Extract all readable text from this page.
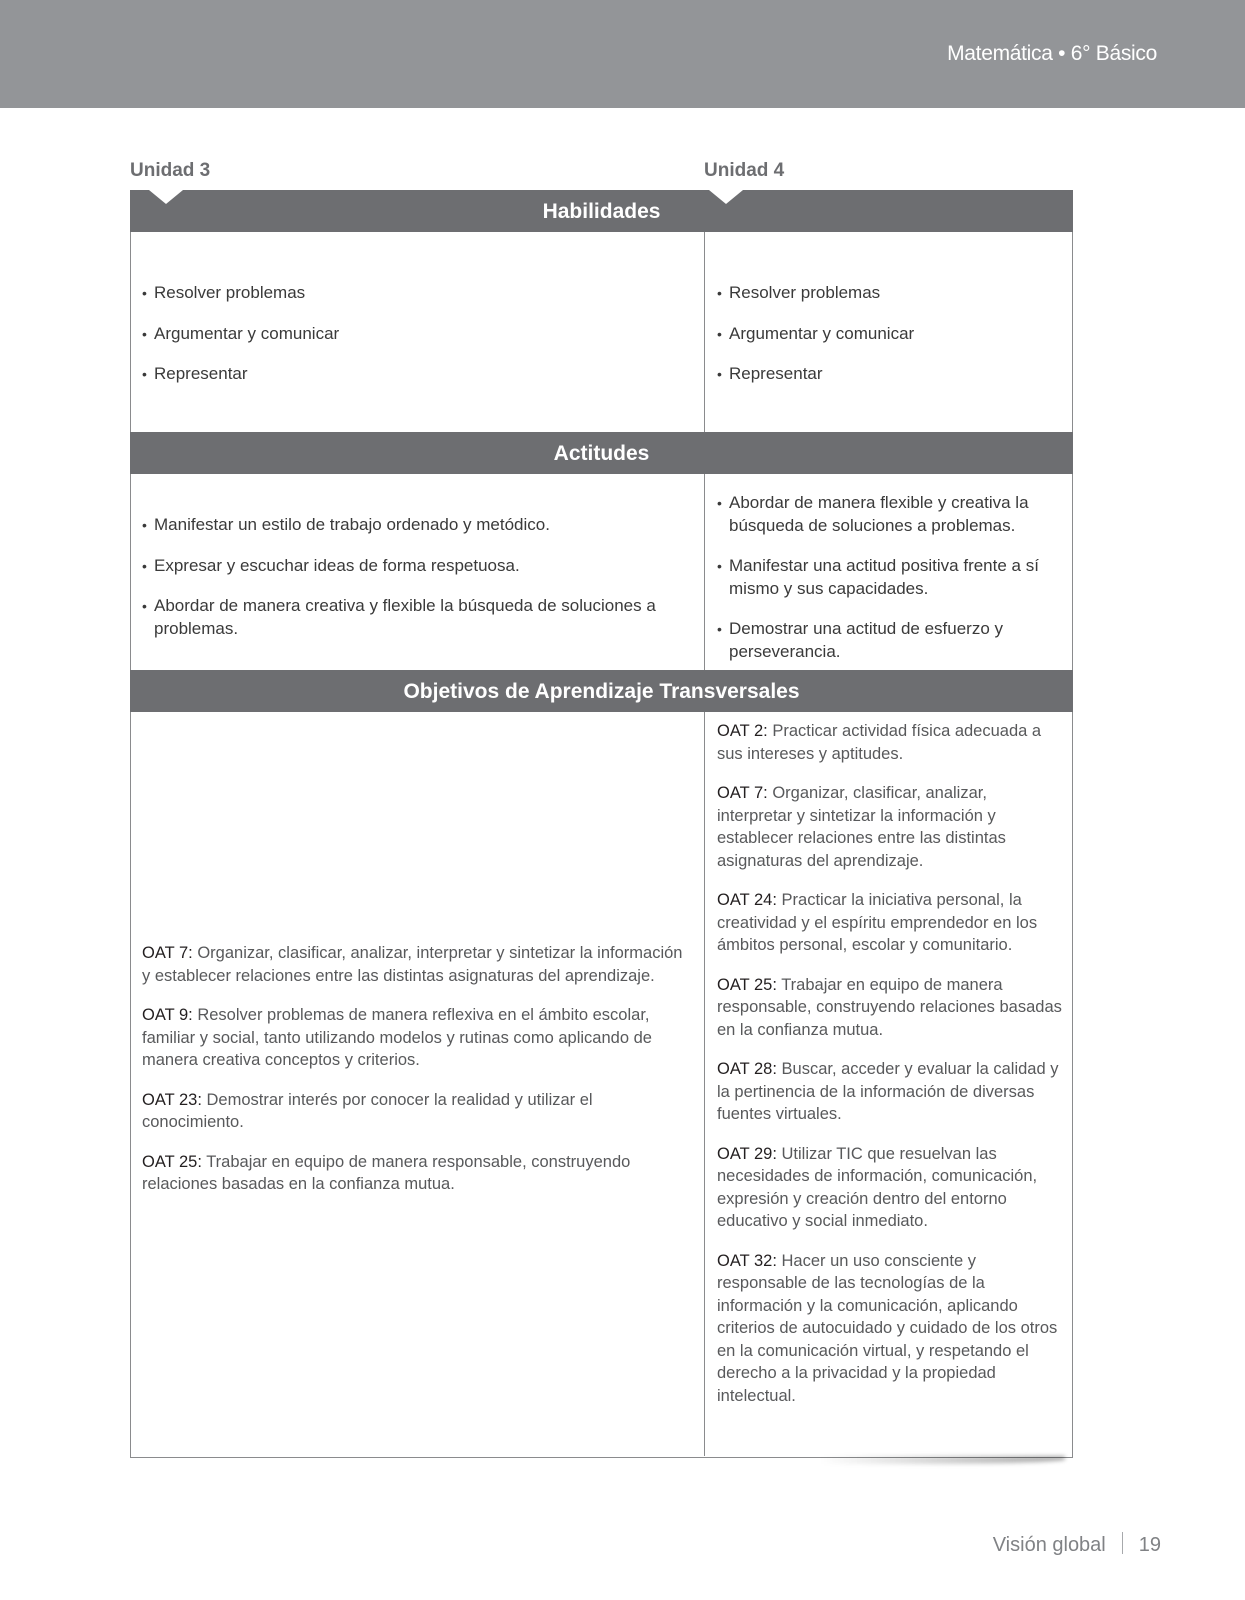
Matemática • 6° Básico
Unidad 3	Unidad 4
Habilidades
• Resolver problemas
• Argumentar y comunicar
• Representar
• Resolver problemas
• Argumentar y comunicar
• Representar
Actitudes
• Manifestar un estilo de trabajo ordenado y metódico.
• Expresar y escuchar ideas de forma respetuosa.
• Abordar de manera creativa y flexible la búsqueda de soluciones a problemas.
• Abordar de manera flexible y creativa la búsqueda de soluciones a problemas.
• Manifestar una actitud positiva frente a sí mismo y sus capacidades.
• Demostrar una actitud de esfuerzo y perseverancia.
Objetivos de Aprendizaje Transversales

OAT 7: Organizar, clasificar, analizar, interpretar y sintetizar la información y establecer relaciones entre las distintas asignaturas del aprendizaje.

OAT 9: Resolver problemas de manera reflexiva en el ámbito escolar, familiar y social, tanto utilizando modelos y rutinas como aplicando de manera creativa conceptos y criterios.

OAT 23: Demostrar interés por conocer la realidad y utilizar el conocimiento.

OAT 25: Trabajar en equipo de manera responsable, construyendo relaciones basadas en la confianza mutua.

OAT 2: Practicar actividad física adecuada a sus intereses y aptitudes.

OAT 7: Organizar, clasificar, analizar, interpretar y sintetizar la información y establecer relaciones entre las distintas asignaturas del aprendizaje.

OAT 24: Practicar la iniciativa personal, la creatividad y el espíritu emprendedor en los ámbitos personal, escolar y comunitario.

OAT 25: Trabajar en equipo de manera responsable, construyendo relaciones basadas en la confianza mutua.

OAT 28: Buscar, acceder y evaluar la calidad y la pertinencia de la información de diversas fuentes virtuales.

OAT 29: Utilizar TIC que resuelvan las necesidades de información, comunicación, expresión y creación dentro del entorno educativo y social inmediato.

OAT 32: Hacer un uso consciente y responsable de las tecnologías de la información y la comunicación, aplicando criterios de autocuidado y cuidado de los otros en la comunicación virtual, y respetando el derecho a la privacidad y la propiedad intelectual.

Visión global 19
